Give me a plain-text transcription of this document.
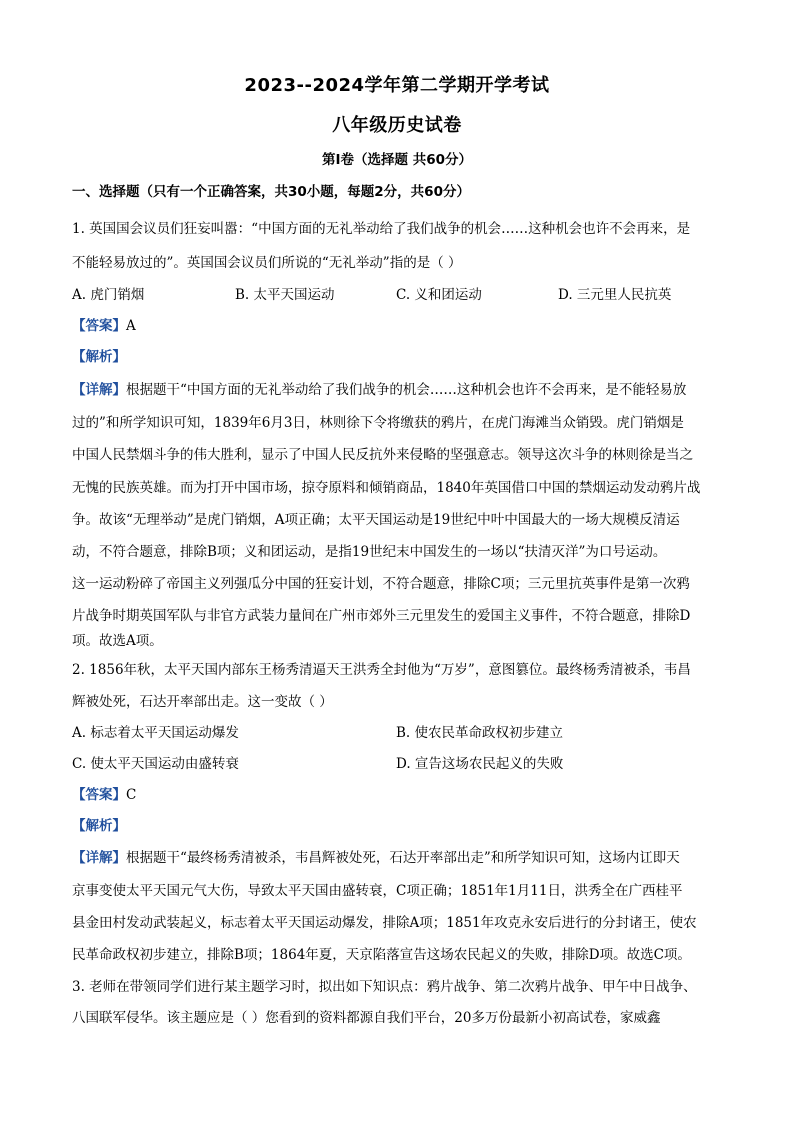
2023--2024学年第二学期开学考试
八年级历史试卷
第Ⅰ卷（选择题 共60分）
一、选择题（只有一个正确答案，共30小题，每题2分，共60分）
1. 英国国会议员们狂妄叫嚣：“中国方面的无礼举动给了我们战争的机会……这种机会也许不会再来，是
不能轻易放过的”。英国国会议员们所说的“无礼举动”指的是（ ）
A. 虎门销烟	B. 太平天国运动	C. 义和团运动	D. 三元里人民抗英
【答案】A
【解析】
【详解】根据题干“中国方面的无礼举动给了我们战争的机会……这种机会也许不会再来，是不能轻易放
过的”和所学知识可知，1839年6月3日，林则徐下令将缴获的鸦片，在虎门海滩当众销毁。虎门销烟是
中国人民禁烟斗争的伟大胜利，显示了中国人民反抗外来侵略的坚强意志。领导这次斗争的林则徐是当之
无愧的民族英雄。而为打开中国市场，掠夺原料和倾销商品，1840年英国借口中国的禁烟运动发动鸦片战
争。故该“无理举动”是虎门销烟，A项正确；太平天国运动是19世纪中叶中国最大的一场大规模反清运
动，不符合题意，排除B项；义和团运动，是指19世纪末中国发生的一场以“扶清灭洋”为口号运动。
这一运动粉碎了帝国主义列强瓜分中国的狂妄计划，不符合题意，排除C项；三元里抗英事件是第一次鸦
片战争时期英国军队与非官方武装力量间在广州市郊外三元里发生的爱国主义事件，不符合题意，排除D
项。故选A项。
2. 1856年秋，太平天国内部东王杨秀清逼天王洪秀全封他为“万岁”，意图篡位。最终杨秀清被杀，韦昌
辉被处死，石达开率部出走。这一变故（ ）
A. 标志着太平天国运动爆发	B. 使农民革命政权初步建立
C. 使太平天国运动由盛转衰	D. 宣告这场农民起义的失败
【答案】C
【解析】
【详解】根据题干“最终杨秀清被杀，韦昌辉被处死，石达开率部出走”和所学知识可知，这场内讧即天
京事变使太平天国元气大伤，导致太平天国由盛转衰，C项正确；1851年1月11日，洪秀全在广西桂平
县金田村发动武装起义，标志着太平天国运动爆发，排除A项；1851年攻克永安后进行的分封诸王，使农
民革命政权初步建立，排除B项；1864年夏，天京陷落宣告这场农民起义的失败，排除D项。故选C项。
3. 老师在带领同学们进行某主题学习时，拟出如下知识点：鸦片战争、第二次鸦片战争、甲午中日战争、
八国联军侵华。该主题应是（ ）您看到的资料都源自我们平台，20多万份最新小初高试卷，家威鑫
